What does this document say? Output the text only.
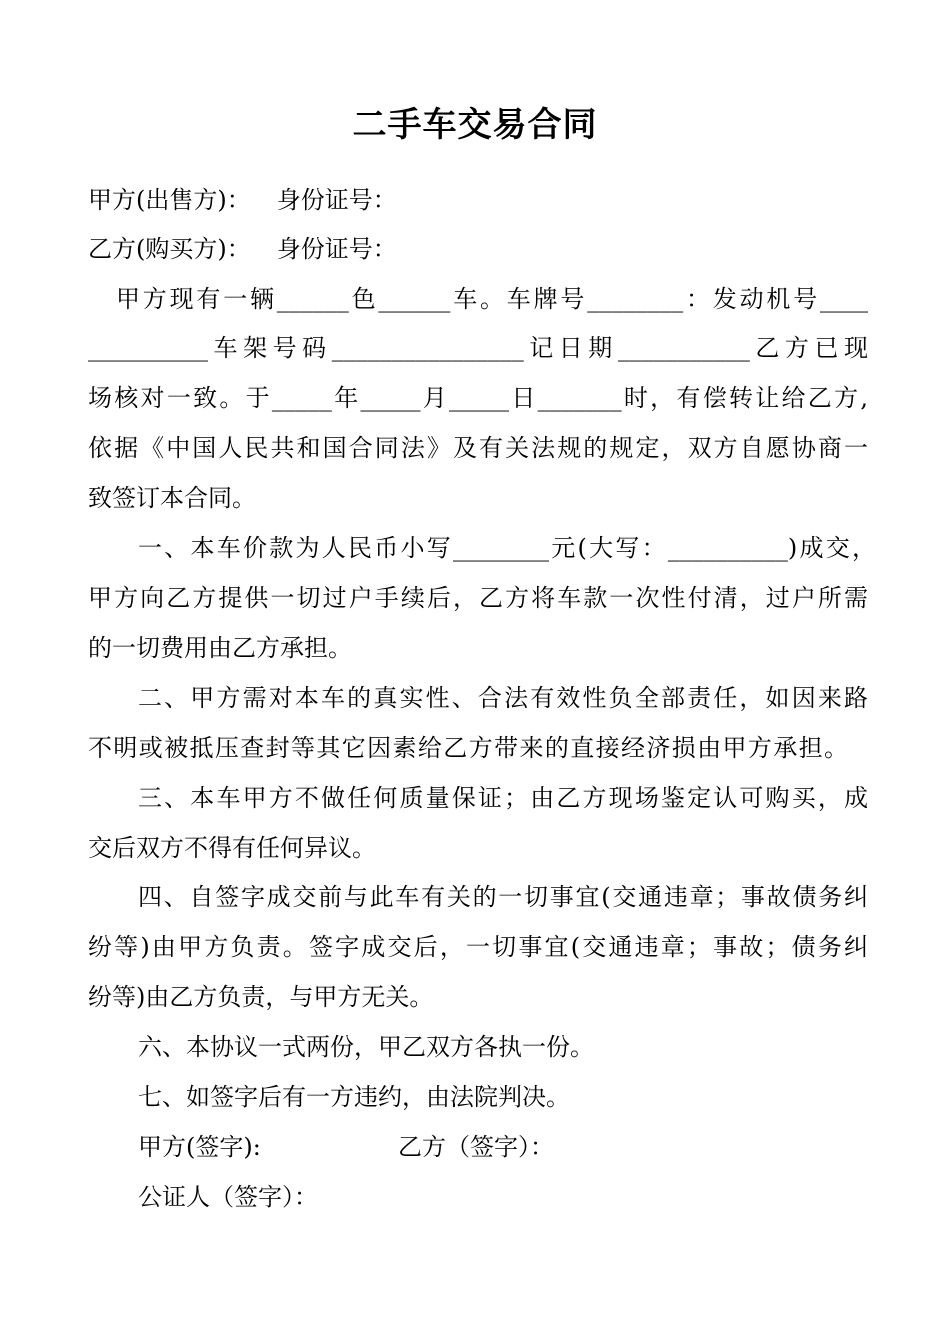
二手车交易合同
甲方(出售方)： 身份证号：
乙方(购买方)： 身份证号：
甲方现有一辆______色______车。车牌号________：发动机号____
__________车架号码________________记日期___________乙方已现
场核对一致。于_____年_____月_____日_______时，有偿转让给乙方,
依据《中国人民共和国合同法》及有关法规的规定，双方自愿协商一
致签订本合同。
一、本车价款为人民币小写________元(大写：__________)成交，
甲方向乙方提供一切过户手续后，乙方将车款一次性付清，过户所需
的一切费用由乙方承担。
二、甲方需对本车的真实性、合法有效性负全部责任，如因来路
不明或被抵压查封等其它因素给乙方带来的直接经济损由甲方承担。
三、本车甲方不做任何质量保证；由乙方现场鉴定认可购买，成
交后双方不得有任何异议。
四、自签字成交前与此车有关的一切事宜(交通违章；事故债务纠
纷等)由甲方负责。签字成交后，一切事宜(交通违章；事故；债务纠
纷等)由乙方负责，与甲方无关。
六、本协议一式两份，甲乙双方各执一份。
七、如签字后有一方违约，由法院判决。
甲方(签字):	乙方（签字）：
公证人（签字）：
